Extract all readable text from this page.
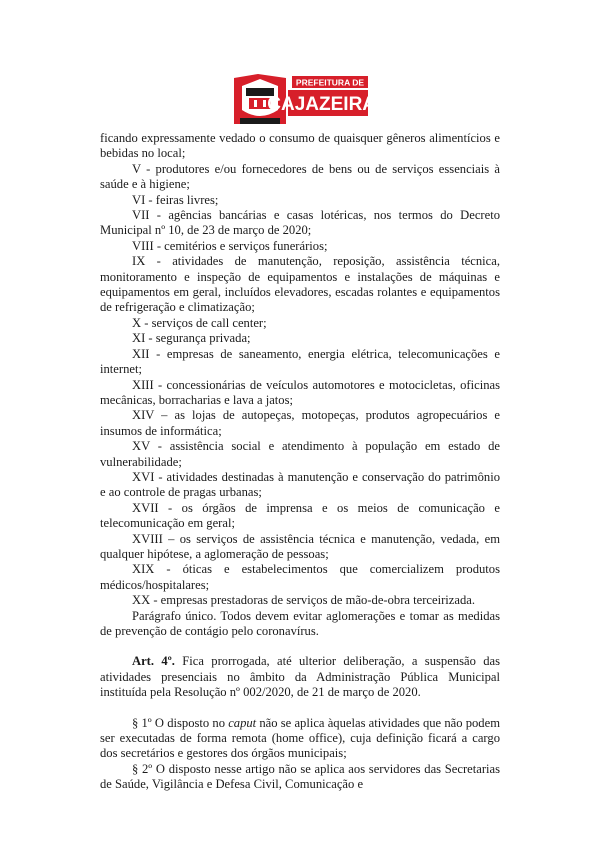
PREFEITURA DE
CAJAZEIRAS

ficando expressamente vedado o consumo de quaisquer gêneros alimentícios e bebidas no local;

V - produtores e/ou fornecedores de bens ou de serviços essenciais à saúde e à higiene;

VI - feiras livres;

VII - agências bancárias e casas lotéricas, nos termos do Decreto Municipal nº 10, de 23 de março de 2020;

VIII - cemitérios e serviços funerários;

IX - atividades de manutenção, reposição, assistência técnica, monitoramento e inspeção de equipamentos e instalações de máquinas e equipamentos em geral, incluídos elevadores, escadas rolantes e equipamentos de refrigeração e climatização;

X - serviços de call center;

XI - segurança privada;

XII - empresas de saneamento, energia elétrica, telecomunicações e internet;

XIII - concessionárias de veículos automotores e motocicletas, oficinas mecânicas, borracharias e lava a jatos;

XIV – as lojas de autopeças, motopeças, produtos agropecuários e insumos de informática;

XV - assistência social e atendimento à população em estado de vulnerabilidade;

XVI - atividades destinadas à manutenção e conservação do patrimônio e ao controle de pragas urbanas;

XVII - os órgãos de imprensa e os meios de comunicação e telecomunicação em geral;

XVIII – os serviços de assistência técnica e manutenção, vedada, em qualquer hipótese, a aglomeração de pessoas;

XIX - óticas e estabelecimentos que comercializem produtos médicos/hospitalares;

XX - empresas prestadoras de serviços de mão-de-obra terceirizada.

Parágrafo único. Todos devem evitar aglomerações e tomar as medidas de prevenção de contágio pelo coronavírus.

Art. 4º. Fica prorrogada, até ulterior deliberação, a suspensão das atividades presenciais no âmbito da Administração Pública Municipal instituída pela Resolução nº 002/2020, de 21 de março de 2020.

§ 1º O disposto no caput não se aplica àquelas atividades que não podem ser executadas de forma remota (home office), cuja definição ficará a cargo dos secretários e gestores dos órgãos municipais;

§ 2º O disposto nesse artigo não se aplica aos servidores das Secretarias de Saúde, Vigilância e Defesa Civil, Comunicação e
